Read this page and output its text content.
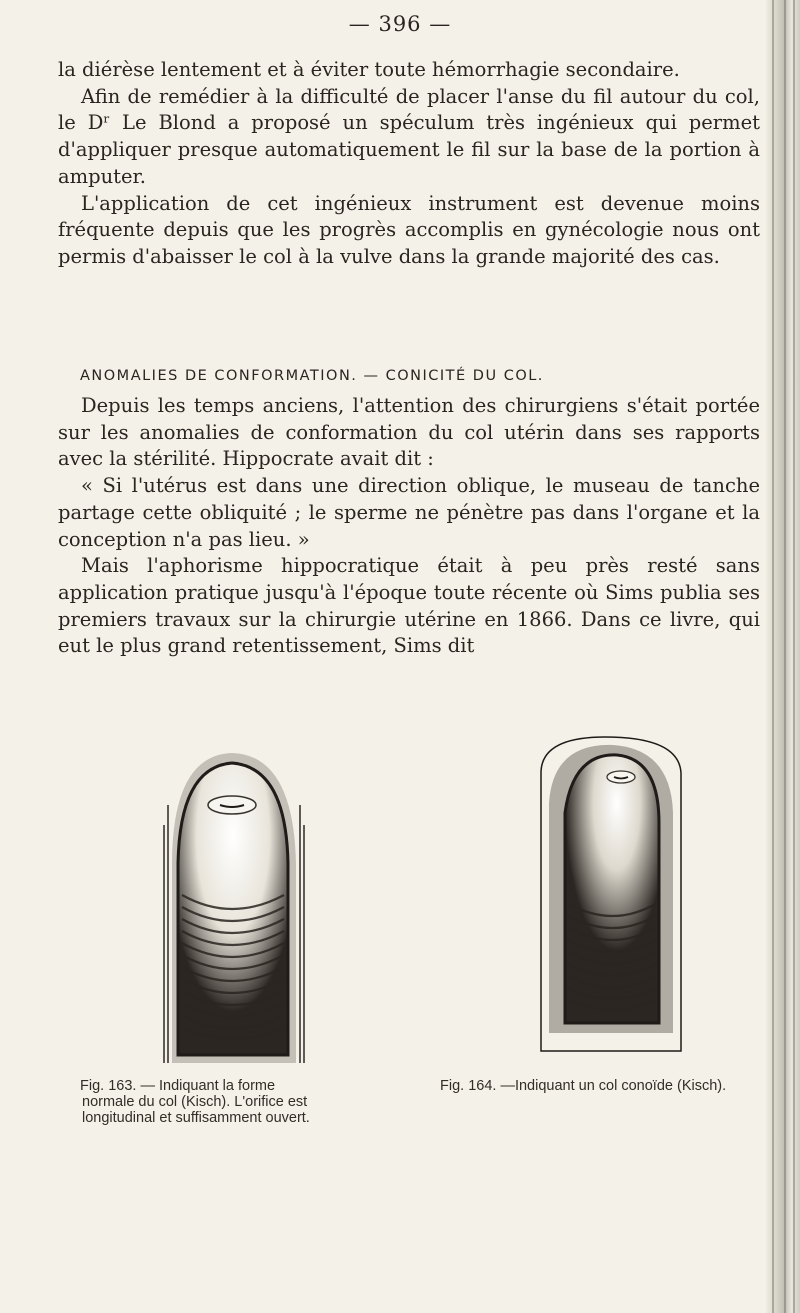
— 396 —

la diérèse lentement et à éviter toute hémorrhagie secondaire.

Afin de remédier à la difficulté de placer l'anse du fil autour du col, le Dʳ Le Blond a proposé un spéculum très ingénieux qui permet d'appliquer presque automatiquement le fil sur la base de la portion à amputer.

L'application de cet ingénieux instrument est devenue moins fréquente depuis que les progrès accomplis en gynécologie nous ont permis d'abaisser le col à la vulve dans la grande majorité des cas.

ANOMALIES DE CONFORMATION. — CONICITÉ DU COL.

Depuis les temps anciens, l'attention des chirurgiens s'était portée sur les anomalies de conformation du col utérin dans ses rapports avec la stérilité. Hippocrate avait dit :

« Si l'utérus est dans une direction oblique, le museau de tanche partage cette obliquité ; le sperme ne pénètre pas dans l'organe et la conception n'a pas lieu. »

Mais l'aphorisme hippocratique était à peu près resté sans application pratique jusqu'à l'époque toute récente où Sims publia ses premiers travaux sur la chirurgie utérine en 1866. Dans ce livre, qui eut le plus grand retentissement, Sims dit

Fig. 163. — Indiquant la forme normale du col (Kisch). L'orifice est longitudinal et suffisamment ouvert.
Fig. 164. —Indiquant un col conoïde (Kisch).
